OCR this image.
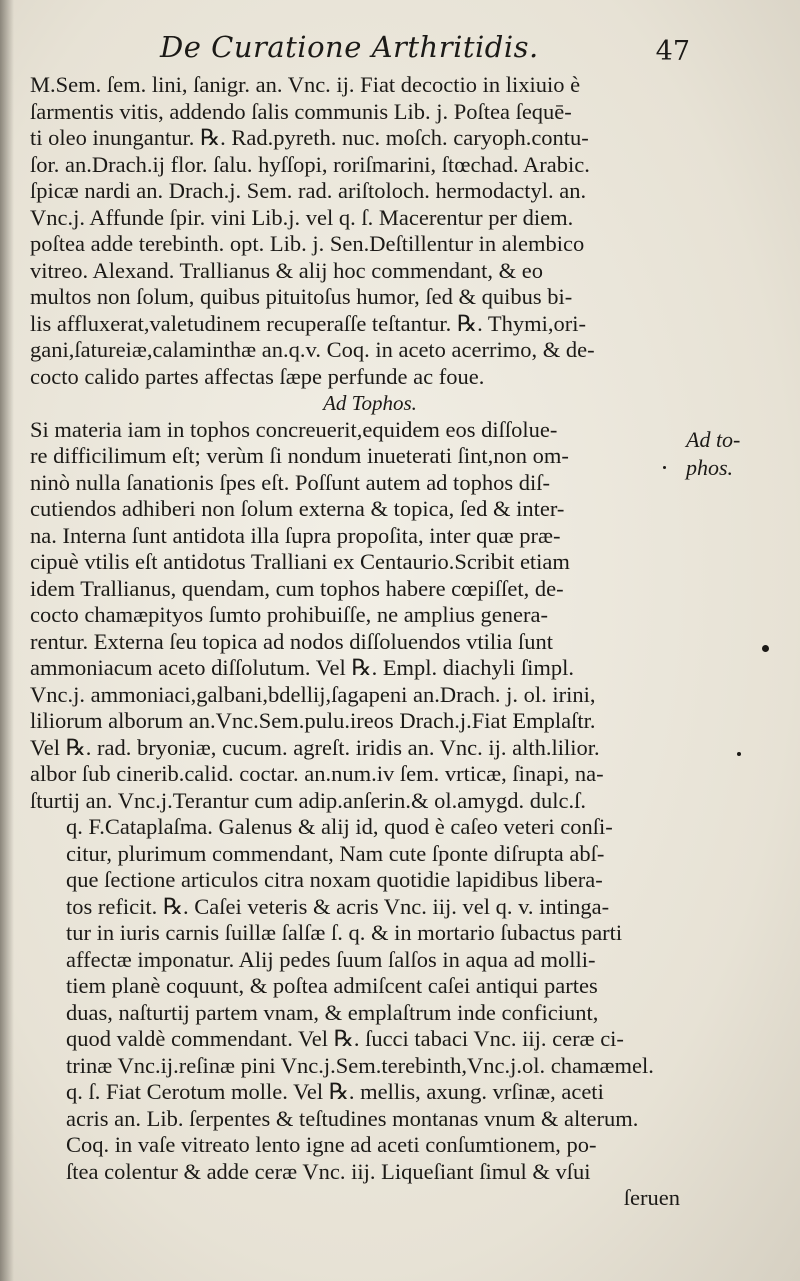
De Curatione Arthritidis.	47
M.Sem. ſem. lini, ſanigr. an. Vnc. ij. Fiat decoctio in lixiuio è
ſarmentis vitis, addendo ſalis communis Lib. j. Poſtea ſequē-
ti oleo inungantur. ℞. Rad.pyreth. nuc. moſch. caryoph.contu-
ſor. an.Drach.ij flor. ſalu. hyſſopi, roriſmarini, ſtœchad. Arabic.
ſpicæ nardi an. Drach.j. Sem. rad. ariſtoloch. hermodactyl. an.
Vnc.j. Affunde ſpir. vini Lib.j. vel q. ſ. Macerentur per diem.
poſtea adde terebinth. opt. Lib. j. Sen.Deſtillentur in alembico
vitreo. Alexand. Trallianus & alij hoc commendant, & eo
multos non ſolum, quibus pituitoſus humor, ſed & quibus bi-
lis affluxerat,valetudinem recuperaſſe teſtantur. ℞. Thymi,ori-
gani,ſatureiæ,calaminthæ an.q.v. Coq. in aceto acerrimo, & de-
cocto calido partes affectas ſæpe perfunde ac foue.
Ad Tophos.
Si materia iam in tophos concreuerit,equidem eos diſſolue-
re difficilimum eſt; verùm ſi nondum inueterati ſint,non om-
ninò nulla ſanationis ſpes eſt. Poſſunt autem ad tophos diſ-
cutiendos adhiberi non ſolum externa & topica, ſed & inter-
na. Interna ſunt antidota illa ſupra propoſita, inter quæ præ-
cipuè vtilis eſt antidotus Tralliani ex Centaurio.Scribit etiam
idem Trallianus, quendam, cum tophos habere cœpiſſet, de-
cocto chamæpityos ſumto prohibuiſſe, ne amplius genera-
rentur. Externa ſeu topica ad nodos diſſoluendos vtilia ſunt
ammoniacum aceto diſſolutum. Vel ℞. Empl. diachyli ſimpl.
Vnc.j. ammoniaci,galbani,bdellij,ſagapeni an.Drach. j. ol. irini,
liliorum alborum an.Vnc.Sem.pulu.ireos Drach.j.Fiat Emplaſtr.
Vel ℞. rad. bryoniæ, cucum. agreſt. iridis an. Vnc. ij. alth.lilior.
albor ſub cinerib.calid. coctar. an.num.iv ſem. vrticæ, ſinapi, na-
ſturtij an. Vnc.j.Terantur cum adip.anſerin.& ol.amygd. dulc.ſ.
q. F.Cataplaſma. Galenus & alij id, quod è caſeo veteri conſi-
citur, plurimum commendant, Nam cute ſponte diſrupta abſ-
que ſectione articulos citra noxam quotidie lapidibus libera-
tos reficit. ℞. Caſei veteris & acris Vnc. iij. vel q. v. intinga-
tur in iuris carnis ſuillæ ſalſæ ſ. q. & in mortario ſubactus parti
affectæ imponatur. Alij pedes ſuum ſalſos in aqua ad molli-
tiem planè coquunt, & poſtea admiſcent caſei antiqui partes
duas, naſturtij partem vnam, & emplaſtrum inde conficiunt,
quod valdè commendant. Vel ℞. ſucci tabaci Vnc. iij. ceræ ci-
trinæ Vnc.ij.reſinæ pini Vnc.j.Sem.terebinth,Vnc.j.ol. chamæmel.
q. ſ. Fiat Cerotum molle. Vel ℞. mellis, axung. vrſinæ, aceti
acris an. Lib. ſerpentes & teſtudines montanas vnum & alterum.
Coq. in vaſe vitreato lento igne ad aceti conſumtionem, po-
ſtea colentur & adde ceræ Vnc. iij. Liqueſiant ſimul & vſui
ſeruen
Ad to-
phos.
